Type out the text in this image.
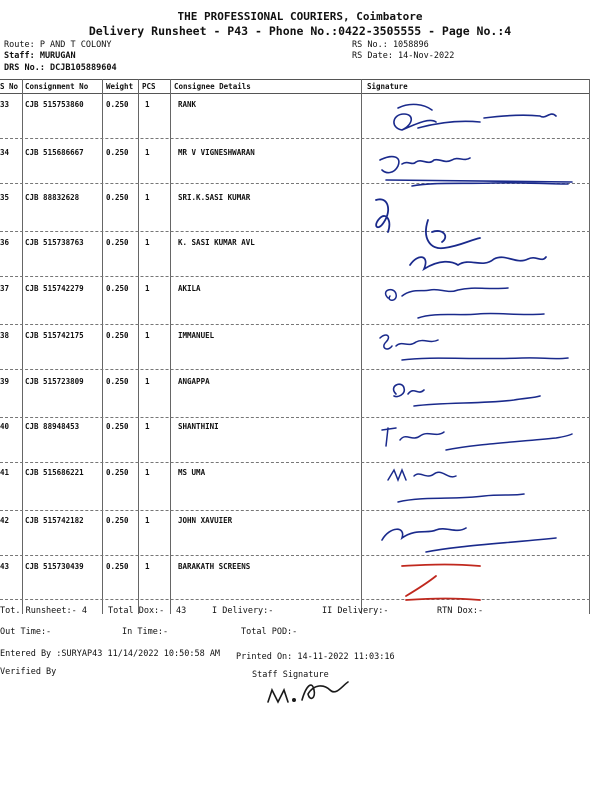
THE PROFESSIONAL COURIERS, Coimbatore
Delivery Runsheet - P43 - Phone No.:0422-3505555 - Page No.:4
Route: P AND T COLONY
Staff: MURUGAN
DRS No.: DCJB105889604
RS No.: 1058896
RS Date: 14-Nov-2022
S No Consignment No Weight PCS Consignee Details	Signature
33 CJB 515753860	0.250 1	RANK
34 CJB 515686667	0.250 1	MR V VIGNESHWARAN
35 CJB 88832628	0.250 1	SRI.K.SASI KUMAR
36 CJB 515738763	0.250 1	K. SASI KUMAR AVL
37 CJB 515742279	0.250 1	AKILA
38 CJB 515742175	0.250 1	IMMANUEL
39 CJB 515723809	0.250 1	ANGAPPA
40 CJB 88948453	0.250 1	SHANTHINI
41 CJB 515686221	0.250 1	MS UMA
42 CJB 515742182	0.250 1	JOHN XAVUIER
43 CJB 515730439	0.250 1	BARAKATH SCREENS
Tot. Runsheet:- 4 Total Dox:- 43	I Delivery:-	II Delivery:-	RTN Dox:-
Out Time:-	In Time:-	Total POD:-
Entered By :SURYAP43 11/14/2022 10:50:58 AM Printed On: 14-11-2022 11:03:16
Verified By	Staff Signature
